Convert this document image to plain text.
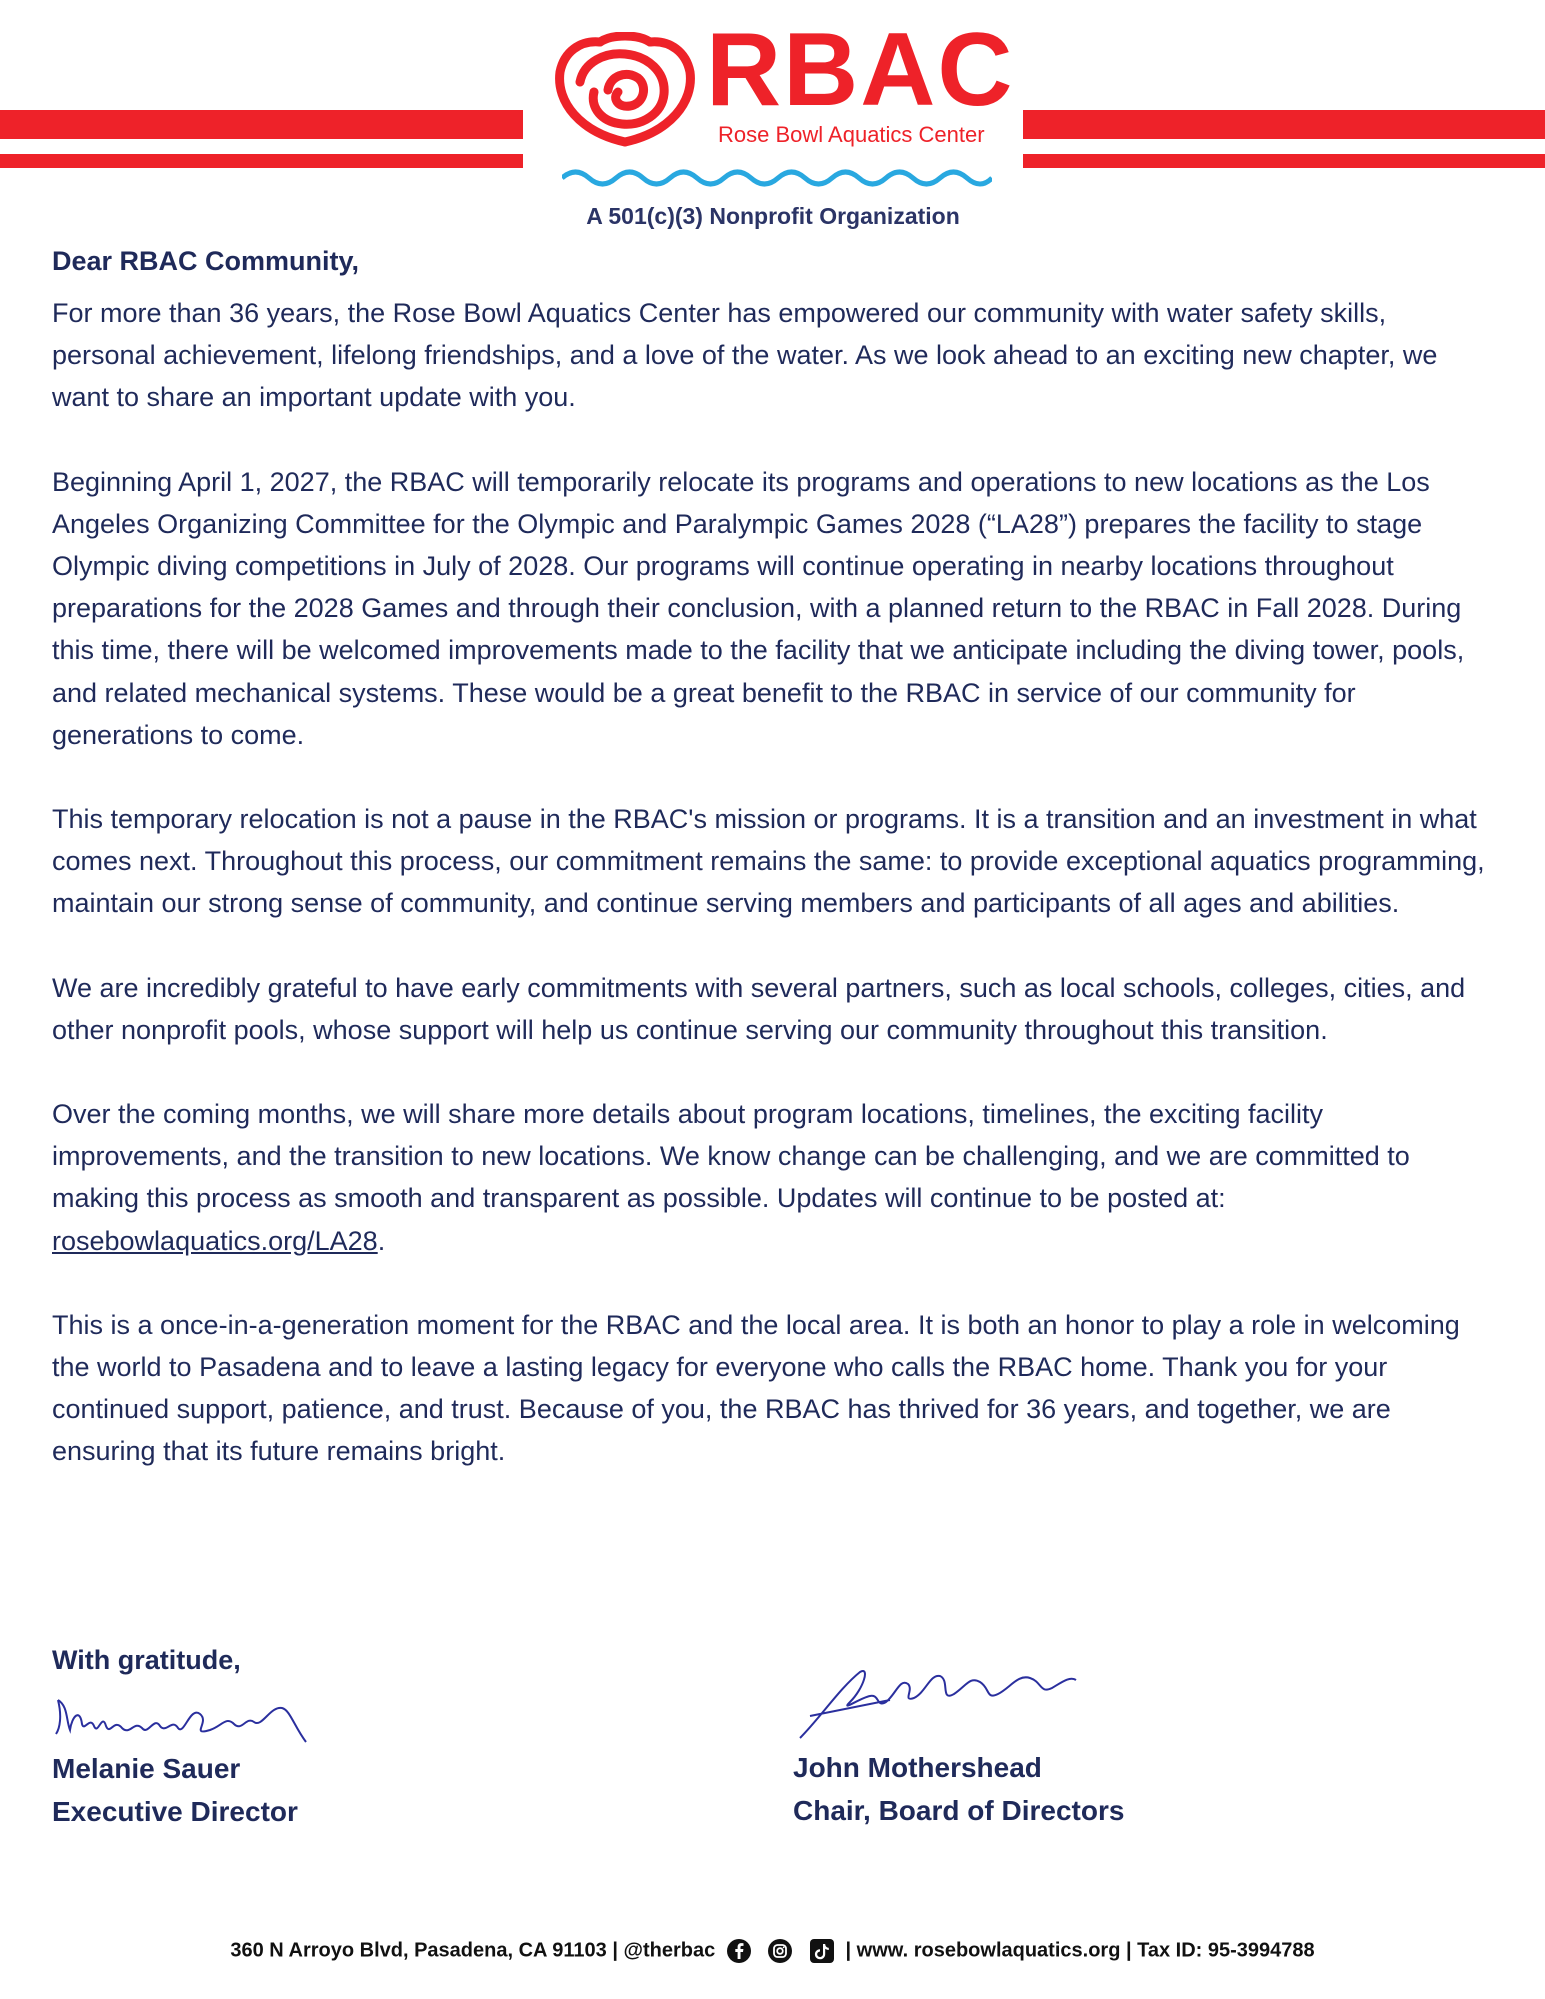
RBAC
Rose Bowl Aquatics Center
A 501(c)(3) Nonprofit Organization

Dear RBAC Community,

For more than 36 years, the Rose Bowl Aquatics Center has empowered our community with water safety skills, personal achievement, lifelong friendships, and a love of the water. As we look ahead to an exciting new chapter, we want to share an important update with you.

Beginning April 1, 2027, the RBAC will temporarily relocate its programs and operations to new locations as the Los Angeles Organizing Committee for the Olympic and Paralympic Games 2028 (“LA28”) prepares the facility to stage Olympic diving competitions in July of 2028. Our programs will continue operating in nearby locations throughout preparations for the 2028 Games and through their conclusion, with a planned return to the RBAC in Fall 2028. During this time, there will be welcomed improvements made to the facility that we anticipate including the diving tower, pools, and related mechanical systems. These would be a great benefit to the RBAC in service of our community for generations to come.

This temporary relocation is not a pause in the RBAC's mission or programs. It is a transition and an investment in what comes next. Throughout this process, our commitment remains the same: to provide exceptional aquatics programming, maintain our strong sense of community, and continue serving members and participants of all ages and abilities.

We are incredibly grateful to have early commitments with several partners, such as local schools, colleges, cities, and other nonprofit pools, whose support will help us continue serving our community throughout this transition.

Over the coming months, we will share more details about program locations, timelines, the exciting facility improvements, and the transition to new locations. We know change can be challenging, and we are committed to making this process as smooth and transparent as possible. Updates will continue to be posted at: rosebowlaquatics.org/LA28.

This is a once-in-a-generation moment for the RBAC and the local area. It is both an honor to play a role in welcoming the world to Pasadena and to leave a lasting legacy for everyone who calls the RBAC home. Thank you for your continued support, patience, and trust. Because of you, the RBAC has thrived for 36 years, and together, we are ensuring that its future remains bright.

With gratitude,
Melanie Sauer
Executive Director
John Mothershead
Chair, Board of Directors
360 N Arroyo Blvd, Pasadena, CA 91103 | @therbac	| www. rosebowlaquatics.org | Tax ID: 95-3994788
